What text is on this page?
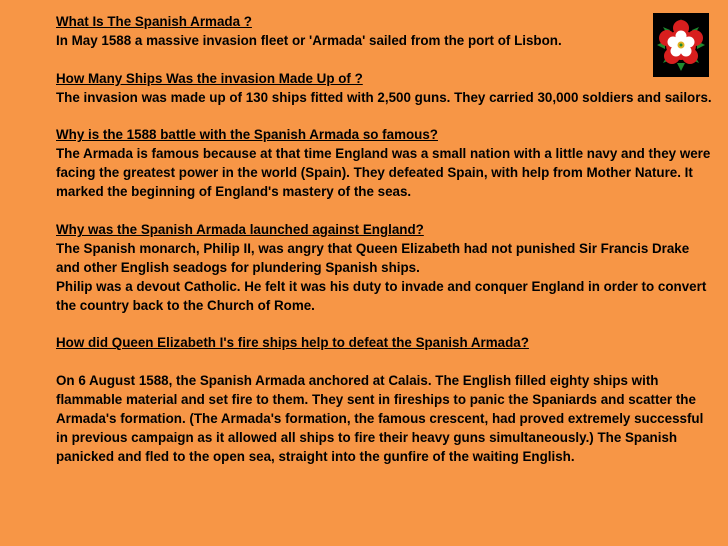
What Is The Spanish Armada ?

In May 1588 a massive invasion fleet or 'Armada' sailed from the port of Lisbon.

How Many Ships Was the invasion Made Up of ?

The invasion was made up of 130 ships fitted with 2,500 guns. They carried 30,000 soldiers and sailors.

Why is the 1588 battle with the Spanish Armada so famous?

The Armada is famous because at that time England was a small nation with a little navy and they were facing the greatest power in the world (Spain). They defeated Spain, with help from Mother Nature. It marked the beginning of England's mastery of the seas.

Why was the Spanish Armada launched against England?

The Spanish monarch, Philip II, was angry that Queen Elizabeth had not punished Sir Francis Drake and other English seadogs for plundering Spanish ships.

Philip was a devout Catholic. He felt it was his duty to invade and conquer England in order to convert the country back to the Church of Rome.

How did Queen Elizabeth I's fire ships help to defeat the Spanish Armada?

On 6 August 1588, the Spanish Armada anchored at Calais. The English filled eighty ships with flammable material and set fire to them. They sent in fireships to panic the Spaniards and scatter the Armada's formation. (The Armada's formation, the famous crescent, had proved extremely successful in previous campaign as it allowed all ships to fire their heavy guns simultaneously.) The Spanish panicked and fled to the open sea, straight into the gunfire of the waiting English.
